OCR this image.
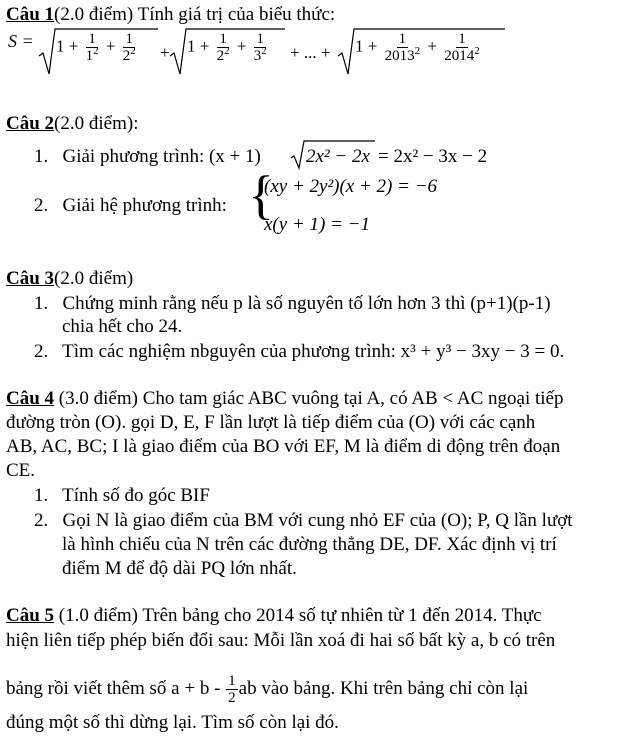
Câu 1(2.0 điểm) Tính giá trị của biểu thức:
$S = 1 + \frac{1}{1^2} + \frac{1}{2^2} + 1 + \frac{1}{2^2} + \frac{1}{3^2}$ + ... + $1 + \frac{1}{2013^2} + \frac{1}{2014^2}$
Câu 2(2.0 điểm):
1. Giải phương trình: (x + 1) 2x² − 2x = 2x² − 3x − 2
2. Giải hệ phương trình: {
(xy + 2y²)(x + 2) = −6
x(y + 1) = −1
Câu 3(2.0 điểm)
1. Chứng minh rằng nếu p là số nguyên tố lớn hơn 3 thì (p+1)(p-1)
chia hết cho 24.
2. Tìm các nghiệm nbguyên của phương trình: x³ + y³ − 3xy − 3 = 0.
Câu 4 (3.0 điểm) Cho tam giác ABC vuông tại A, có AB < AC ngoại tiếp
đường tròn (O). gọi D, E, F lần lượt là tiếp điểm của (O) với các cạnh
AB, AC, BC; I là giao điểm của BO với EF, M là điểm di động trên đoạn
CE.
1. Tính số đo góc BIF
2. Gọi N là giao điểm của BM với cung nhỏ EF của (O); P, Q lần lượt
là hình chiếu của N trên các đường thẳng DE, DF. Xác định vị trí
điểm M để độ dài PQ lớn nhất.
Câu 5 (1.0 điểm) Trên bảng cho 2014 số tự nhiên từ 1 đến 2014. Thực
hiện liên tiếp phép biến đổi sau: Mỗi lần xoá đi hai số bất kỳ a, b có trên
bảng rồi viết thêm số $a + b - \frac{1}{2}$ ab vào bảng. Khi trên bảng chỉ còn lại
đúng một số thì dừng lại. Tìm số còn lại đó.
